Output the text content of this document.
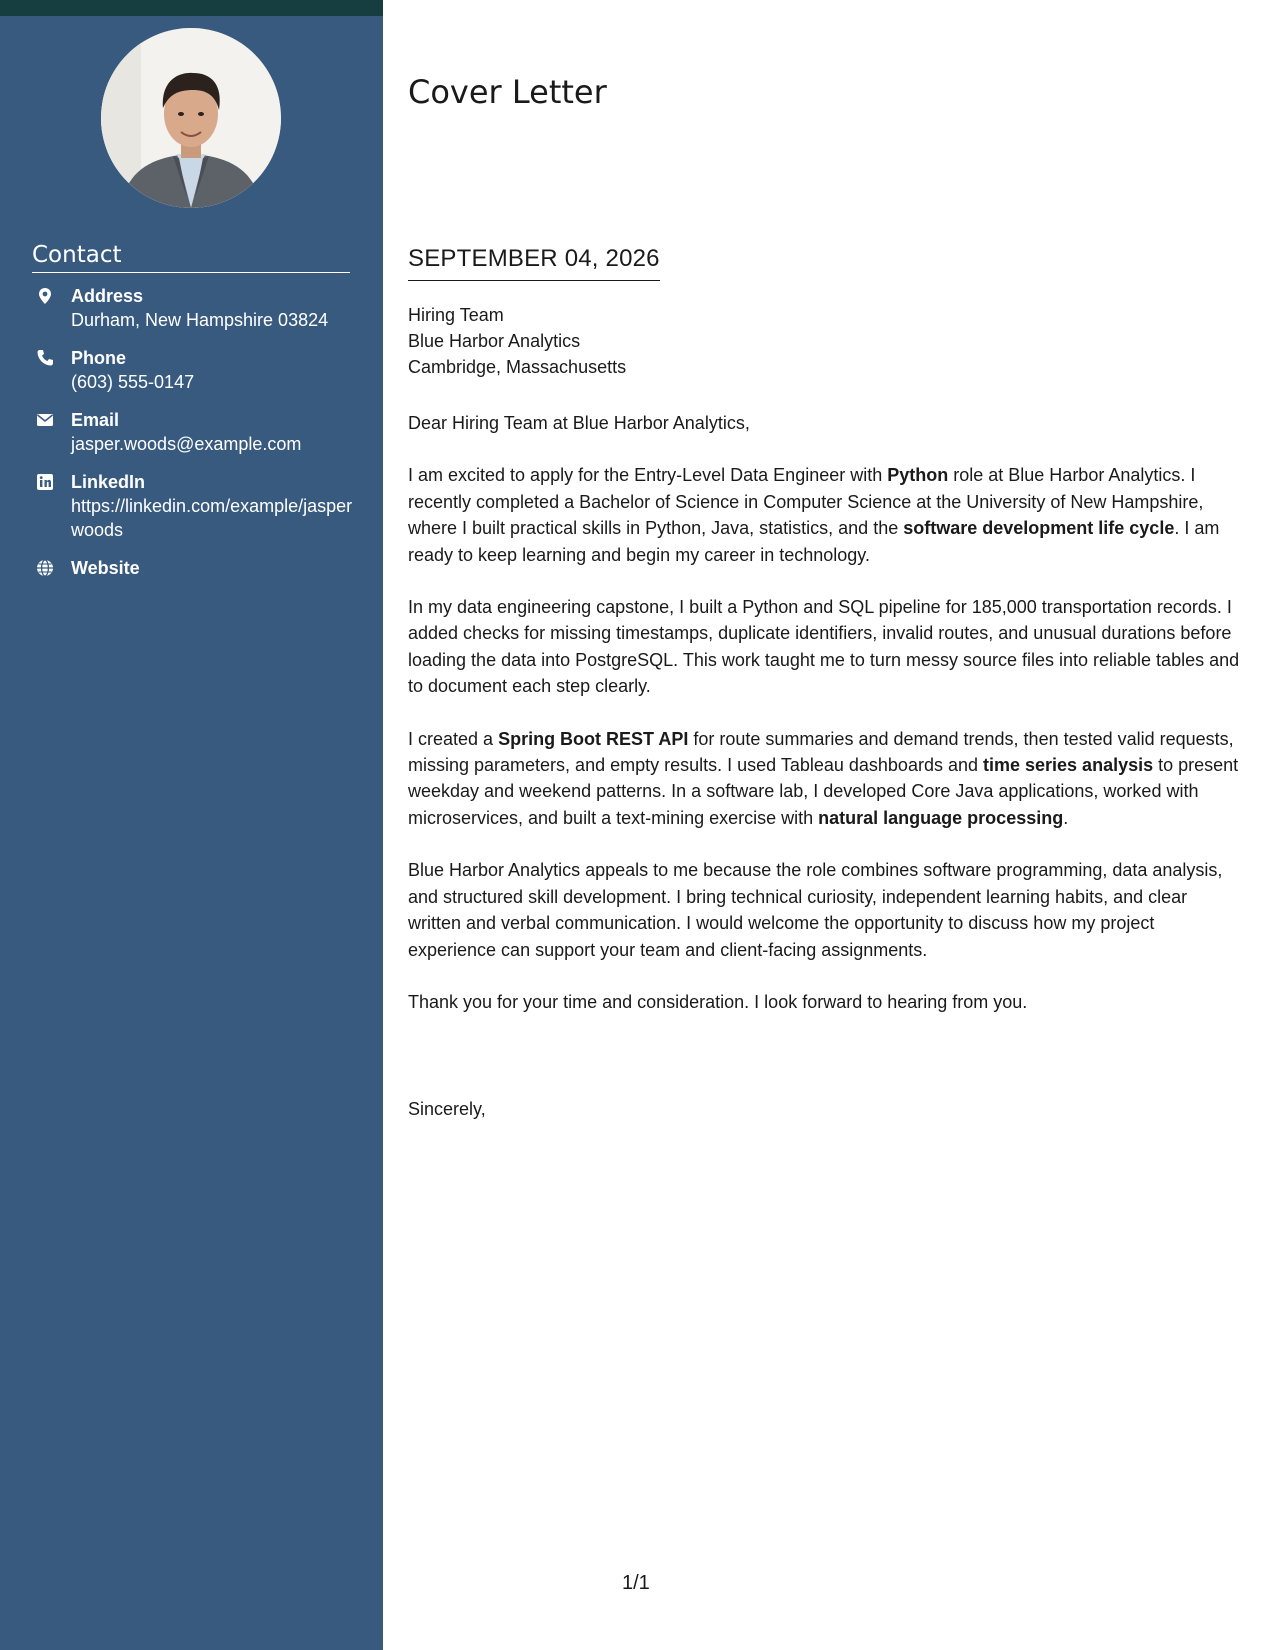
Contact
Address
Durham, New Hampshire 03824
Phone
(603) 555-0147
Email
jasper.woods@example.com
LinkedIn
https://linkedin.com/example/jasperwoods
Website
Cover Letter
SEPTEMBER 04, 2026
Hiring Team
Blue Harbor Analytics
Cambridge, Massachusetts

Dear Hiring Team at Blue Harbor Analytics,

I am excited to apply for the Entry-Level Data Engineer with Python role at Blue Harbor Analytics. I recently completed a Bachelor of Science in Computer Science at the University of New Hampshire, where I built practical skills in Python, Java, statistics, and the software development life cycle. I am ready to keep learning and begin my career in technology.

In my data engineering capstone, I built a Python and SQL pipeline for 185,000 transportation records. I added checks for missing timestamps, duplicate identifiers, invalid routes, and unusual durations before loading the data into PostgreSQL. This work taught me to turn messy source files into reliable tables and to document each step clearly.

I created a Spring Boot REST API for route summaries and demand trends, then tested valid requests, missing parameters, and empty results. I used Tableau dashboards and time series analysis to present weekday and weekend patterns. In a software lab, I developed Core Java applications, worked with microservices, and built a text-mining exercise with natural language processing.

Blue Harbor Analytics appeals to me because the role combines software programming, data analysis, and structured skill development. I bring technical curiosity, independent learning habits, and clear written and verbal communication. I would welcome the opportunity to discuss how my project experience can support your team and client-facing assignments.

Thank you for your time and consideration. I look forward to hearing from you.

Sincerely,
1/1
